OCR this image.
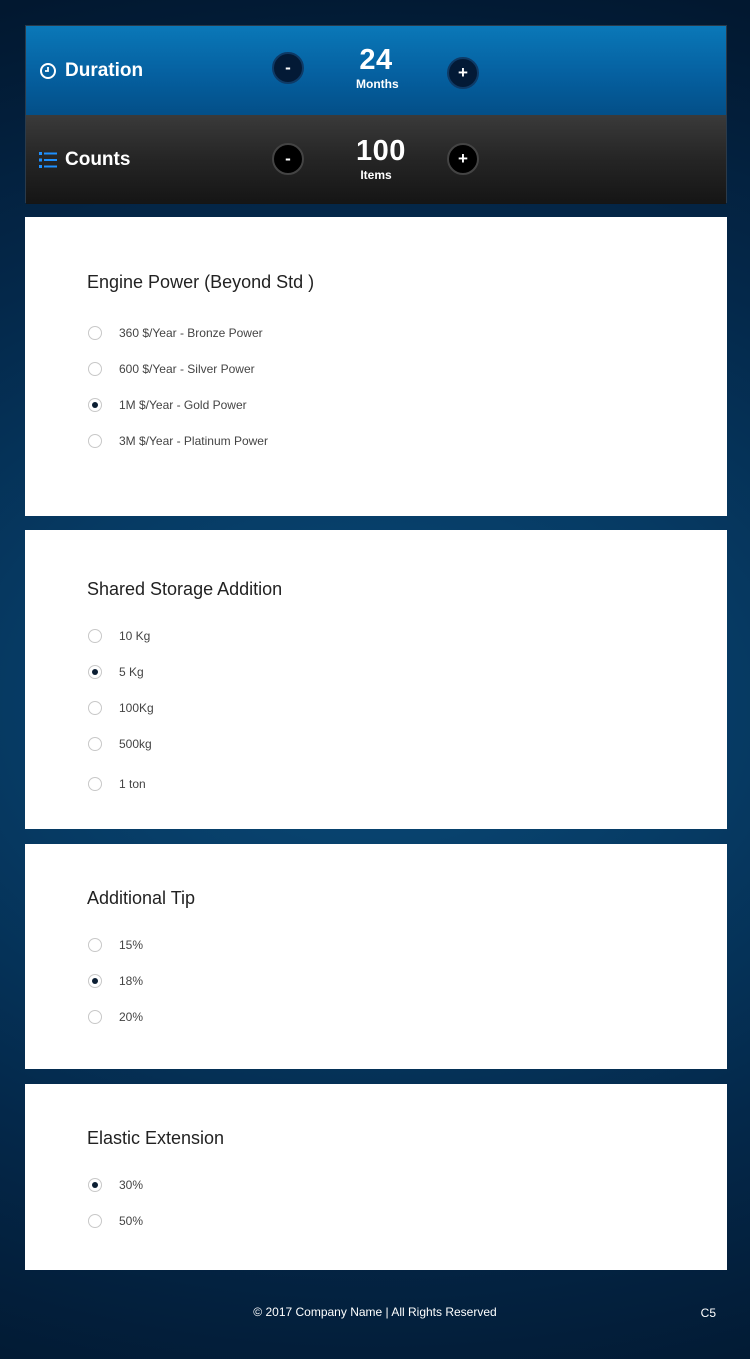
Duration	-	24
Months
+
Counts	-	100
Items
+
Engine Power (Beyond Std )
360 $/Year - Bronze Power
600 $/Year - Silver Power
1M $/Year - Gold Power
3M $/Year - Platinum Power
Shared Storage Addition
10 Kg
5 Kg
100Kg
500kg
1 ton
Additional Tip
15%
18%
20%
Elastic Extension
30%
50%
© 2017 Company Name | All Rights Reserved	C5
